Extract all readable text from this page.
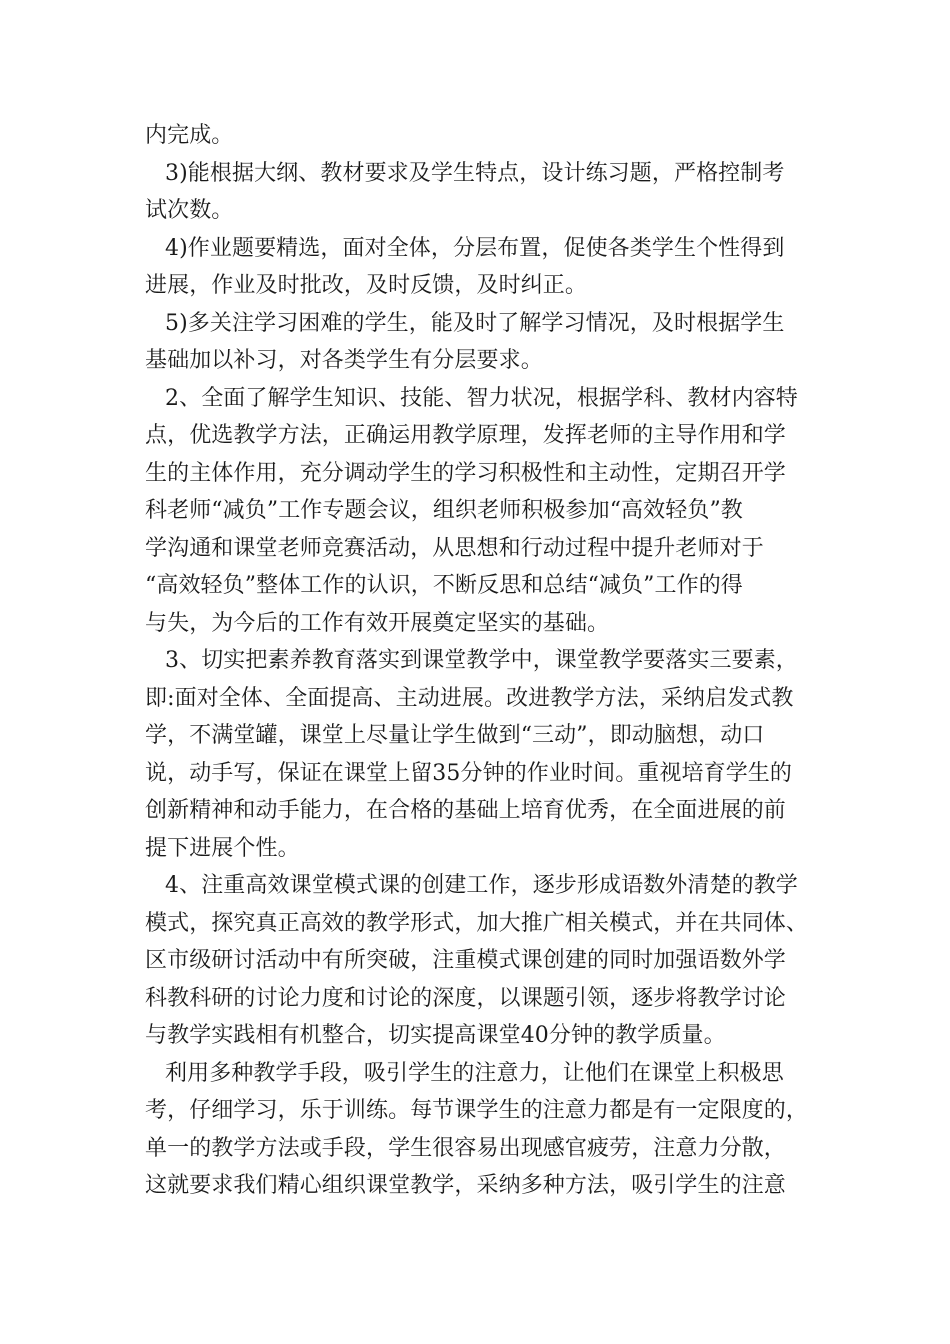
内完成。
3)能根据大纲、教材要求及学生特点，设计练习题，严格控制考
试次数。
4)作业题要精选，面对全体，分层布置，促使各类学生个性得到
进展，作业及时批改，及时反馈，及时纠正。
5)多关注学习困难的学生，能及时了解学习情况，及时根据学生
基础加以补习，对各类学生有分层要求。
2、全面了解学生知识、技能、智力状况，根据学科、教材内容特
点，优选教学方法，正确运用教学原理，发挥老师的主导作用和学
生的主体作用，充分调动学生的学习积极性和主动性，定期召开学
科老师“减负”工作专题会议，组织老师积极参加“高效轻负”教
学沟通和课堂老师竞赛活动，从思想和行动过程中提升老师对于
“高效轻负”整体工作的认识，不断反思和总结“减负”工作的得
与失，为今后的工作有效开展奠定坚实的基础。
3、切实把素养教育落实到课堂教学中，课堂教学要落实三要素，
即:面对全体、全面提高、主动进展。改进教学方法，采纳启发式教
学，不满堂罐，课堂上尽量让学生做到“三动”，即动脑想，动口
说，动手写，保证在课堂上留35分钟的作业时间。重视培育学生的
创新精神和动手能力，在合格的基础上培育优秀，在全面进展的前
提下进展个性。
4、注重高效课堂模式课的创建工作，逐步形成语数外清楚的教学
模式，探究真正高效的教学形式，加大推广相关模式，并在共同体、
区市级研讨活动中有所突破，注重模式课创建的同时加强语数外学
科教科研的讨论力度和讨论的深度，以课题引领，逐步将教学讨论
与教学实践相有机整合，切实提高课堂40分钟的教学质量。
利用多种教学手段，吸引学生的注意力，让他们在课堂上积极思
考，仔细学习，乐于训练。每节课学生的注意力都是有一定限度的，
单一的教学方法或手段，学生很容易出现感官疲劳，注意力分散，
这就要求我们精心组织课堂教学，采纳多种方法，吸引学生的注意
